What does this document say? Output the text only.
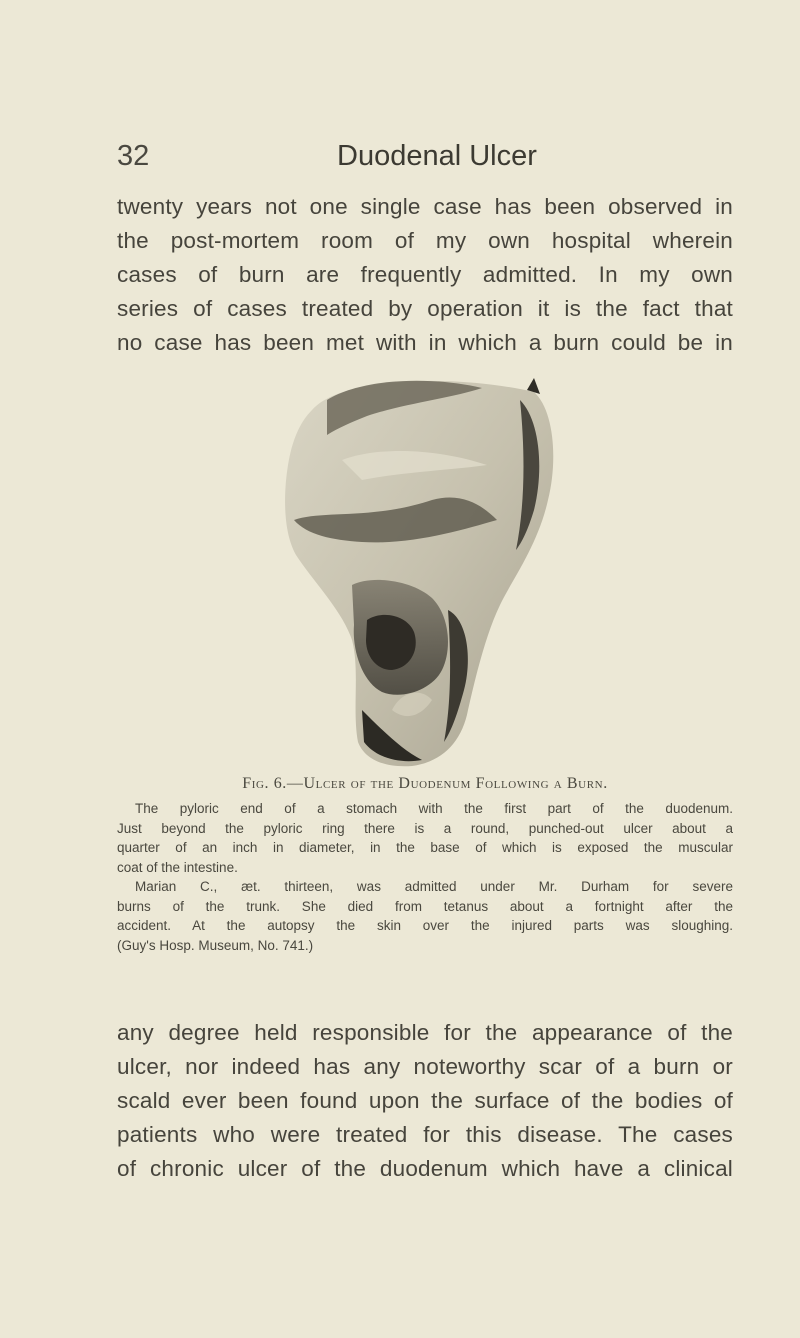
32	Duodenal Ulcer
twenty years not one single case has been observed in
the post-mortem room of my own hospital wherein
cases of burn are frequently admitted. In my own
series of cases treated by operation it is the fact that
no case has been met with in which a burn could be in
Fig. 6.—Ulcer of the Duodenum Following a Burn.
The pyloric end of a stomach with the first part of the duodenum.
Just beyond the pyloric ring there is a round, punched-out ulcer about a
quarter of an inch in diameter, in the base of which is exposed the muscular
coat of the intestine.
Marian C., æt. thirteen, was admitted under Mr. Durham for severe
burns of the trunk. She died from tetanus about a fortnight after the
accident. At the autopsy the skin over the injured parts was sloughing.
(Guy's Hosp. Museum, No. 741.)
any degree held responsible for the appearance of the
ulcer, nor indeed has any noteworthy scar of a burn or
scald ever been found upon the surface of the bodies of
patients who were treated for this disease. The cases
of chronic ulcer of the duodenum which have a clinical
